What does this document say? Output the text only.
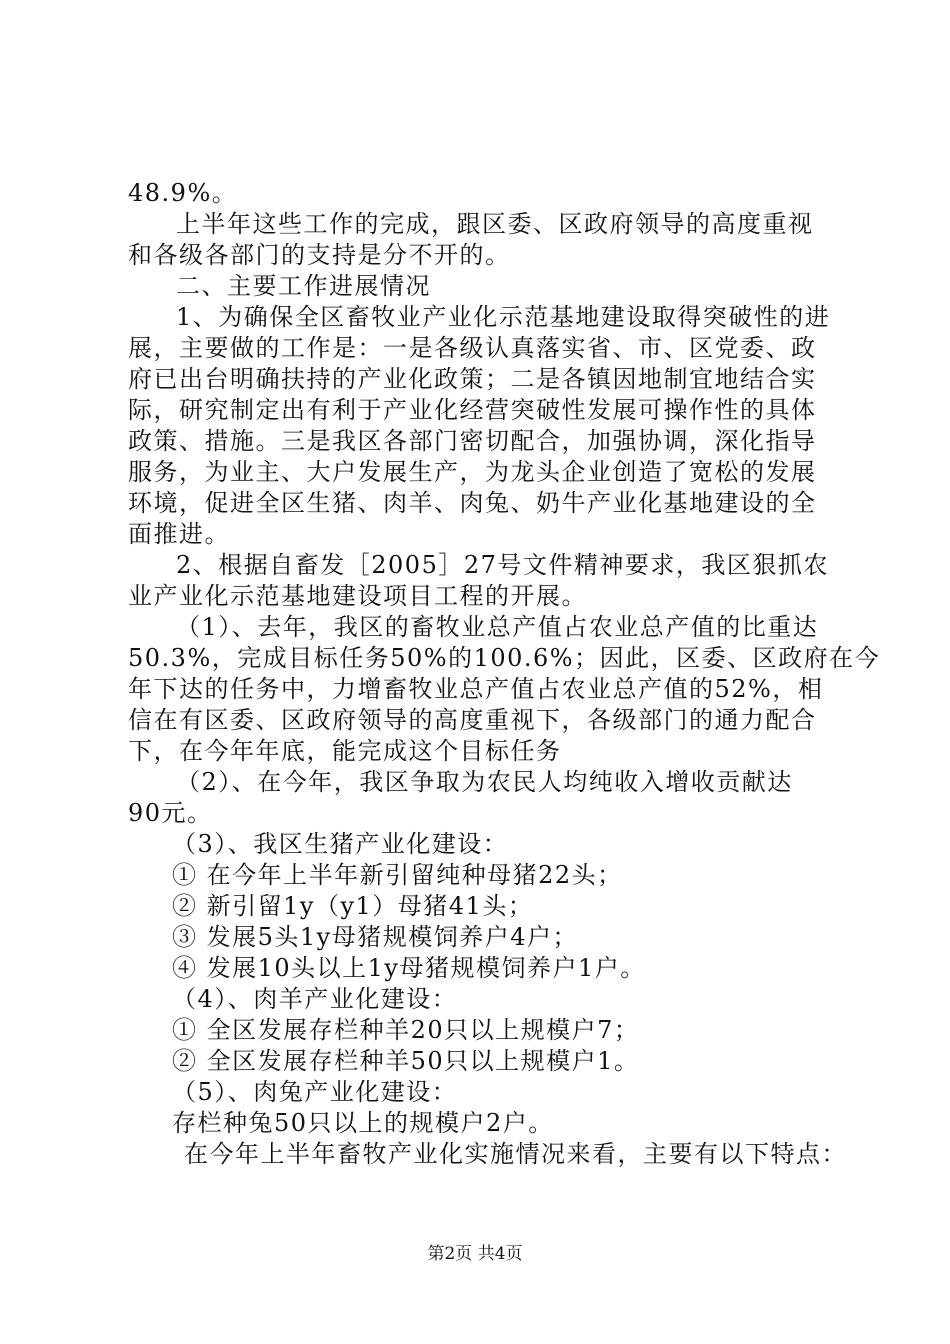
48.9%。
上半年这些工作的完成，跟区委、区政府领导的高度重视
和各级各部门的支持是分不开的。
二、主要工作进展情况
1、为确保全区畜牧业产业化示范基地建设取得突破性的进
展，主要做的工作是：一是各级认真落实省、市、区党委、政
府已出台明确扶持的产业化政策；二是各镇因地制宜地结合实
际，研究制定出有利于产业化经营突破性发展可操作性的具体
政策、措施。三是我区各部门密切配合，加强协调，深化指导
服务，为业主、大户发展生产，为龙头企业创造了宽松的发展
环境，促进全区生猪、肉羊、肉兔、奶牛产业化基地建设的全
面推进。
2、根据自畜发［2005］27号文件精神要求，我区狠抓农
业产业化示范基地建设项目工程的开展。
（1）、去年，我区的畜牧业总产值占农业总产值的比重达
50.3%，完成目标任务50%的100.6%；因此，区委、区政府在今
年下达的任务中，力增畜牧业总产值占农业总产值的52%，相
信在有区委、区政府领导的高度重视下，各级部门的通力配合
下，在今年年底，能完成这个目标任务
（2）、在今年，我区争取为农民人均纯收入增收贡献达
90元。
（3）、我区生猪产业化建设：
① 在今年上半年新引留纯种母猪22头；
② 新引留1y（y1）母猪41头；
③ 发展5头1y母猪规模饲养户4户；
④ 发展10头以上1y母猪规模饲养户1户。
（4）、肉羊产业化建设：
① 全区发展存栏种羊20只以上规模户7；
② 全区发展存栏种羊50只以上规模户1。
（5）、肉兔产业化建设：
存栏种兔50只以上的规模户2户。
在今年上半年畜牧产业化实施情况来看，主要有以下特点：
第2页 共4页
